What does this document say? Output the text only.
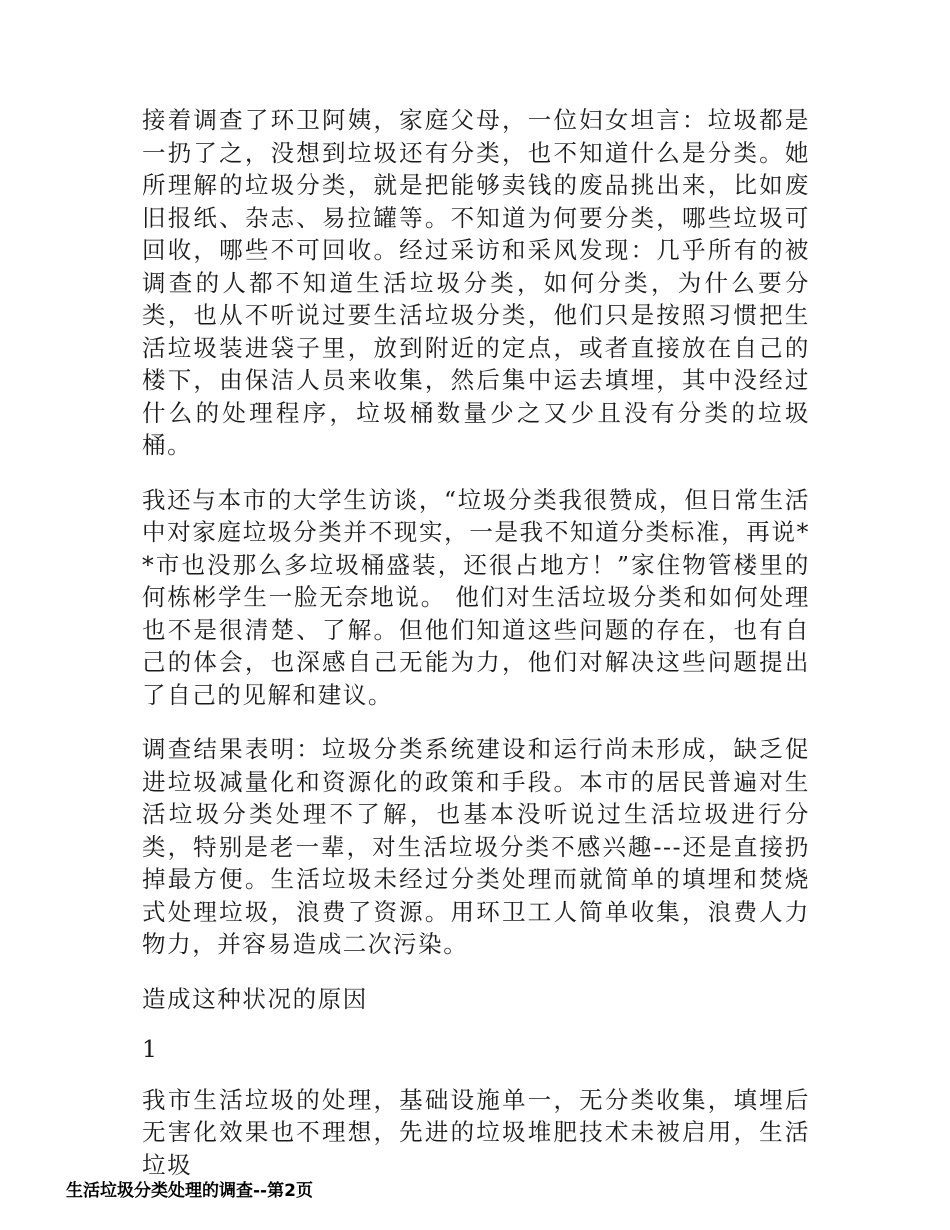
接着调查了环卫阿姨，家庭父母，一位妇女坦言：垃圾都是一扔了之，没想到垃圾还有分类，也不知道什么是分类。她所理解的垃圾分类，就是把能够卖钱的废品挑出来，比如废旧报纸、杂志、易拉罐等。不知道为何要分类，哪些垃圾可回收，哪些不可回收。经过采访和采风发现：几乎所有的被调查的人都不知道生活垃圾分类，如何分类，为什么要分类，也从不听说过要生活垃圾分类，他们只是按照习惯把生活垃圾装进袋子里，放到附近的定点，或者直接放在自己的楼下，由保洁人员来收集，然后集中运去填埋，其中没经过什么的处理程序，垃圾桶数量少之又少且没有分类的垃圾桶。

我还与本市的大学生访谈，“垃圾分类我很赞成，但日常生活中对家庭垃圾分类并不现实，一是我不知道分类标准，再说**市也没那么多垃圾桶盛装，还很占地方！”家住物管楼里的何栋彬学生一脸无奈地说。 他们对生活垃圾分类和如何处理也不是很清楚、了解。但他们知道这些问题的存在，也有自己的体会，也深感自己无能为力，他们对解决这些问题提出了自己的见解和建议。

调查结果表明：垃圾分类系统建设和运行尚未形成，缺乏促进垃圾减量化和资源化的政策和手段。本市的居民普遍对生活垃圾分类处理不了解，也基本没听说过生活垃圾进行分类，特别是老一辈，对生活垃圾分类不感兴趣---还是直接扔掉最方便。生活垃圾未经过分类处理而就简单的填埋和焚烧式处理垃圾，浪费了资源。用环卫工人简单收集，浪费人力物力，并容易造成二次污染。

造成这种状况的原因

1

我市生活垃圾的处理，基础设施单一，无分类收集，填埋后无害化效果也不理想，先进的垃圾堆肥技术未被启用，生活垃圾

生活垃圾分类处理的调查--第2页
